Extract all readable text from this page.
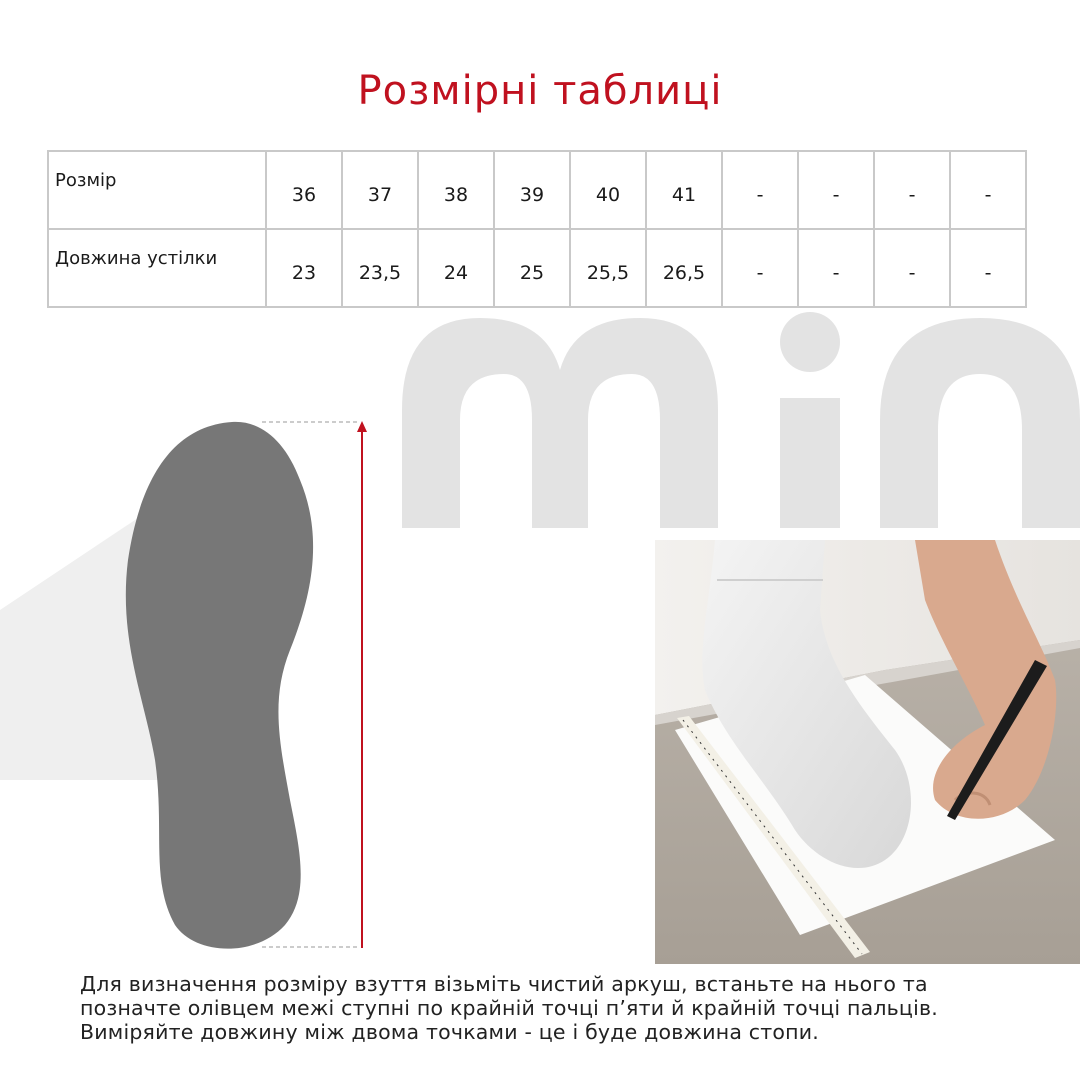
Розмірні таблиці
Розмір	36	37	38	39	40	41	-	-	-	-
Довжина устілки	23	23,5	24	25	25,5	26,5	-	-	-	-
Для визначення розміру взуття візьміть чистий аркуш, встаньте на нього та
позначте олівцем межі ступні по крайній точці п’яти й крайній точці пальців.
Виміряйте довжину між двома точками - це і буде довжина стопи.
